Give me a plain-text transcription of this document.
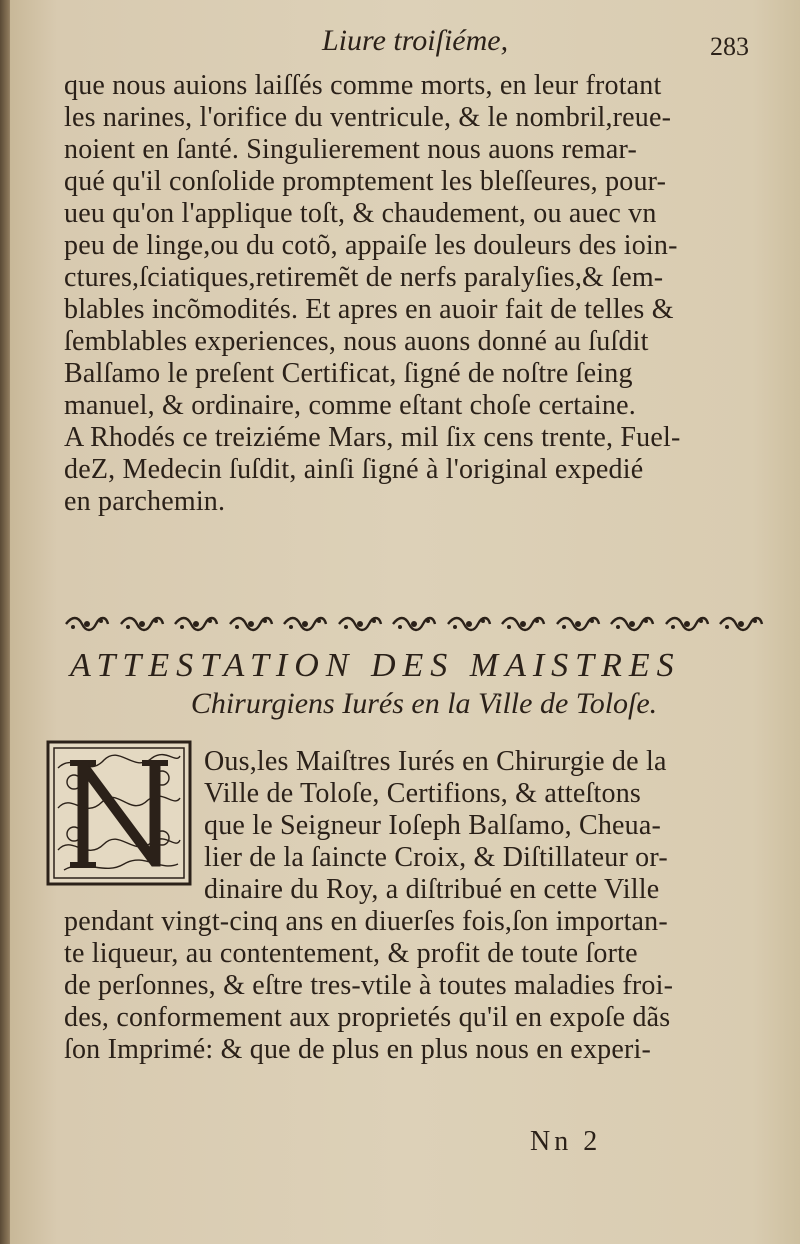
Liure troiſiéme,	283
que nous auions laiſſés comme morts, en leur frotant
les narines, l'orifice du ventricule, & le nombril,reue-
noient en ſanté. Singulierement nous auons remar-
qué qu'il conſolide promptement les bleſſeures, pour-
ueu qu'on l'applique toſt, & chaudement, ou auec vn
peu de linge,ou du cotõ, appaiſe les douleurs des ioin-
ctures,ſciatiques,retiremẽt de nerfs paralyſies,& ſem-
blables incõmodités. Et apres en auoir fait de telles &
ſemblables experiences, nous auons donné au ſuſdit
Balſamo le preſent Certificat, ſigné de noſtre ſeing
manuel, & ordinaire, comme eſtant choſe certaine.
A Rhodés ce treiziéme Mars, mil ſix cens trente, Fuel-
deZ, Medecin ſuſdit, ainſi ſigné à l'original expedié
en parchemin.
ATTESTATION DES MAISTRES
Chirurgiens Iurés en la Ville de Toloſe.
Ous,les Maiſtres Iurés en Chirurgie de la
Ville de Toloſe, Certifions, & atteſtons
que le Seigneur Ioſeph Balſamo, Cheua-
lier de la ſaincte Croix, & Diſtillateur or-
dinaire du Roy, a diſtribué en cette Ville
pendant vingt-cinq ans en diuerſes fois,ſon importan-
te liqueur, au contentement, & profit de toute ſorte
de perſonnes, & eſtre tres-vtile à toutes maladies froi-
des, conformement aux proprietés qu'il en expoſe dãs
ſon Imprimé: & que de plus en plus nous en experi-
Nn 2
